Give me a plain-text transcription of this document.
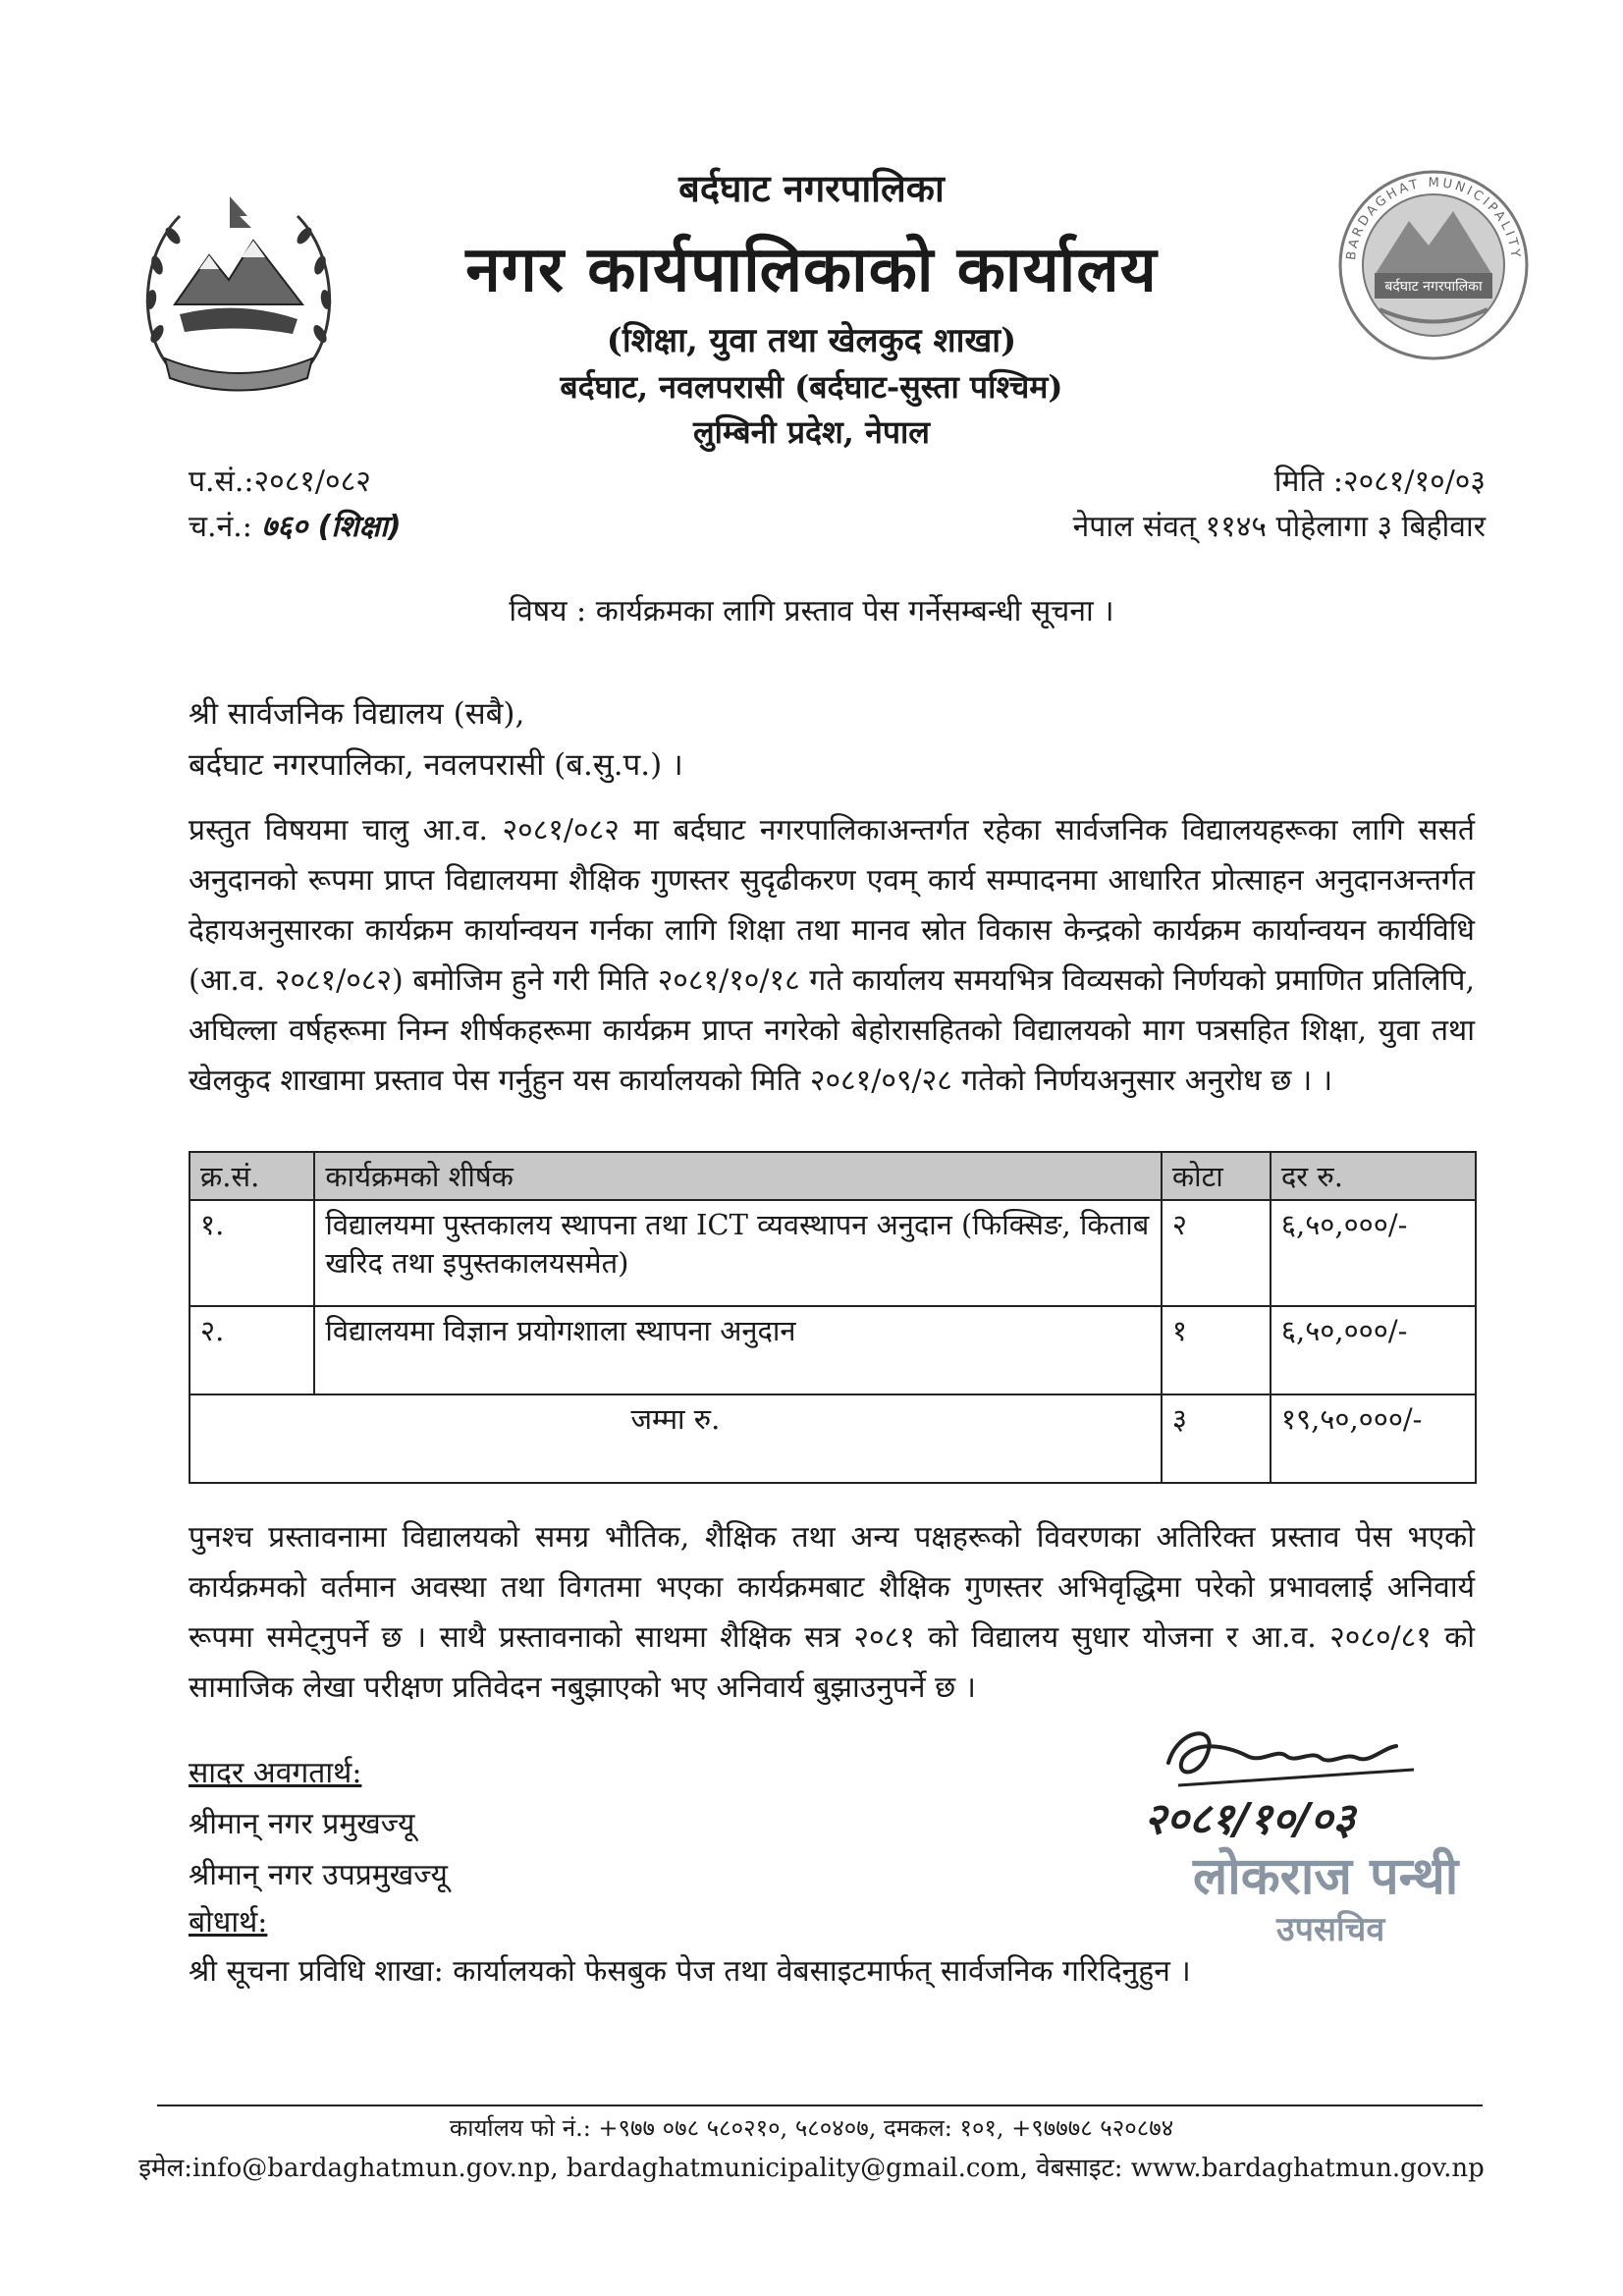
बर्दघाट नगरपालिका
BARDAGHAT MUNICIPALITY
बर्दघाट नगरपालिका
नगर कार्यपालिकाको कार्यालय
(शिक्षा, युवा तथा खेलकुद शाखा)
बर्दघाट, नवलपरासी (बर्दघाट-सुस्ता पश्चिम)
लुम्बिनी प्रदेश, नेपाल
प.सं.:२०८१/०८२
च.नं.: ७६० (शिक्षा)
मिति :२०८१/१०/०३
नेपाल संवत् ११४५ पोहेलागा ३ बिहीवार
विषय : कार्यक्रमका लागि प्रस्ताव पेस गर्नेसम्बन्धी सूचना ।
श्री सार्वजनिक विद्यालय (सबै),
बर्दघाट नगरपालिका, नवलपरासी (ब.सु.प.) ।
प्रस्तुत विषयमा चालु आ.व. २०८१/०८२ मा बर्दघाट नगरपालिकाअन्तर्गत रहेका सार्वजनिक विद्यालयहरूका लागि ससर्त अनुदानको रूपमा प्राप्त विद्यालयमा शैक्षिक गुणस्तर सुदृढीकरण एवम् कार्य सम्पादनमा आधारित प्रोत्साहन अनुदानअन्तर्गत देहायअनुसारका कार्यक्रम कार्यान्वयन गर्नका लागि शिक्षा तथा मानव स्रोत विकास केन्द्रको कार्यक्रम कार्यान्वयन कार्यविधि (आ.व. २०८१/०८२) बमोजिम हुने गरी मिति २०८१/१०/१८ गते कार्यालय समयभित्र विव्यसको निर्णयको प्रमाणित प्रतिलिपि, अघिल्ला वर्षहरूमा निम्न शीर्षकहरूमा कार्यक्रम प्राप्त नगरेको बेहोरासहितको विद्यालयको माग पत्रसहित शिक्षा, युवा तथा खेलकुद शाखामा प्रस्ताव पेस गर्नुहुन यस कार्यालयको मिति २०८१/०९/२८ गतेको निर्णयअनुसार अनुरोध छ । ।
क्र.सं.	कार्यक्रमको शीर्षक	कोटा	दर रु.
१.	विद्यालयमा पुस्तकालय स्थापना तथा ICT व्यवस्थापन अनुदान (फिक्सिङ, किताब खरिद तथा इपुस्तकालयसमेत)	२	६,५०,०००/-
२.	विद्यालयमा विज्ञान प्रयोगशाला स्थापना अनुदान	१	६,५०,०००/-
जम्मा रु.		३	१९,५०,०००/-
पुनश्च प्रस्तावनामा विद्यालयको समग्र भौतिक, शैक्षिक तथा अन्य पक्षहरूको विवरणका अतिरिक्त प्रस्ताव पेस भएको कार्यक्रमको वर्तमान अवस्था तथा विगतमा भएका कार्यक्रमबाट शैक्षिक गुणस्तर अभिवृद्धिमा परेको प्रभावलाई अनिवार्य रूपमा समेट्नुपर्ने छ । साथै प्रस्तावनाको साथमा शैक्षिक सत्र २०८१ को विद्यालय सुधार योजना र आ.व. २०८०/८१ को सामाजिक लेखा परीक्षण प्रतिवेदन नबुझाएको भए अनिवार्य बुझाउनुपर्ने छ ।
सादर अवगतार्थ:
श्रीमान् नगर प्रमुखज्यू
श्रीमान् नगर उपप्रमुखज्यू
बोधार्थ:
श्री सूचना प्रविधि शाखा: कार्यालयको फेसबुक पेज तथा वेबसाइटमार्फत् सार्वजनिक गरिदिनुहुन ।
२०८१/१०/०३
लोकराज पन्थी
उपसचिव
कार्यालय फो नं.: +९७७ ०७८ ५८०२१०, ५८०४०७, दमकल: १०१, +९७७७८ ५२०८७४
इमेल:info@bardaghatmun.gov.np, bardaghatmunicipality@gmail.com, वेबसाइट: www.bardaghatmun.gov.np
